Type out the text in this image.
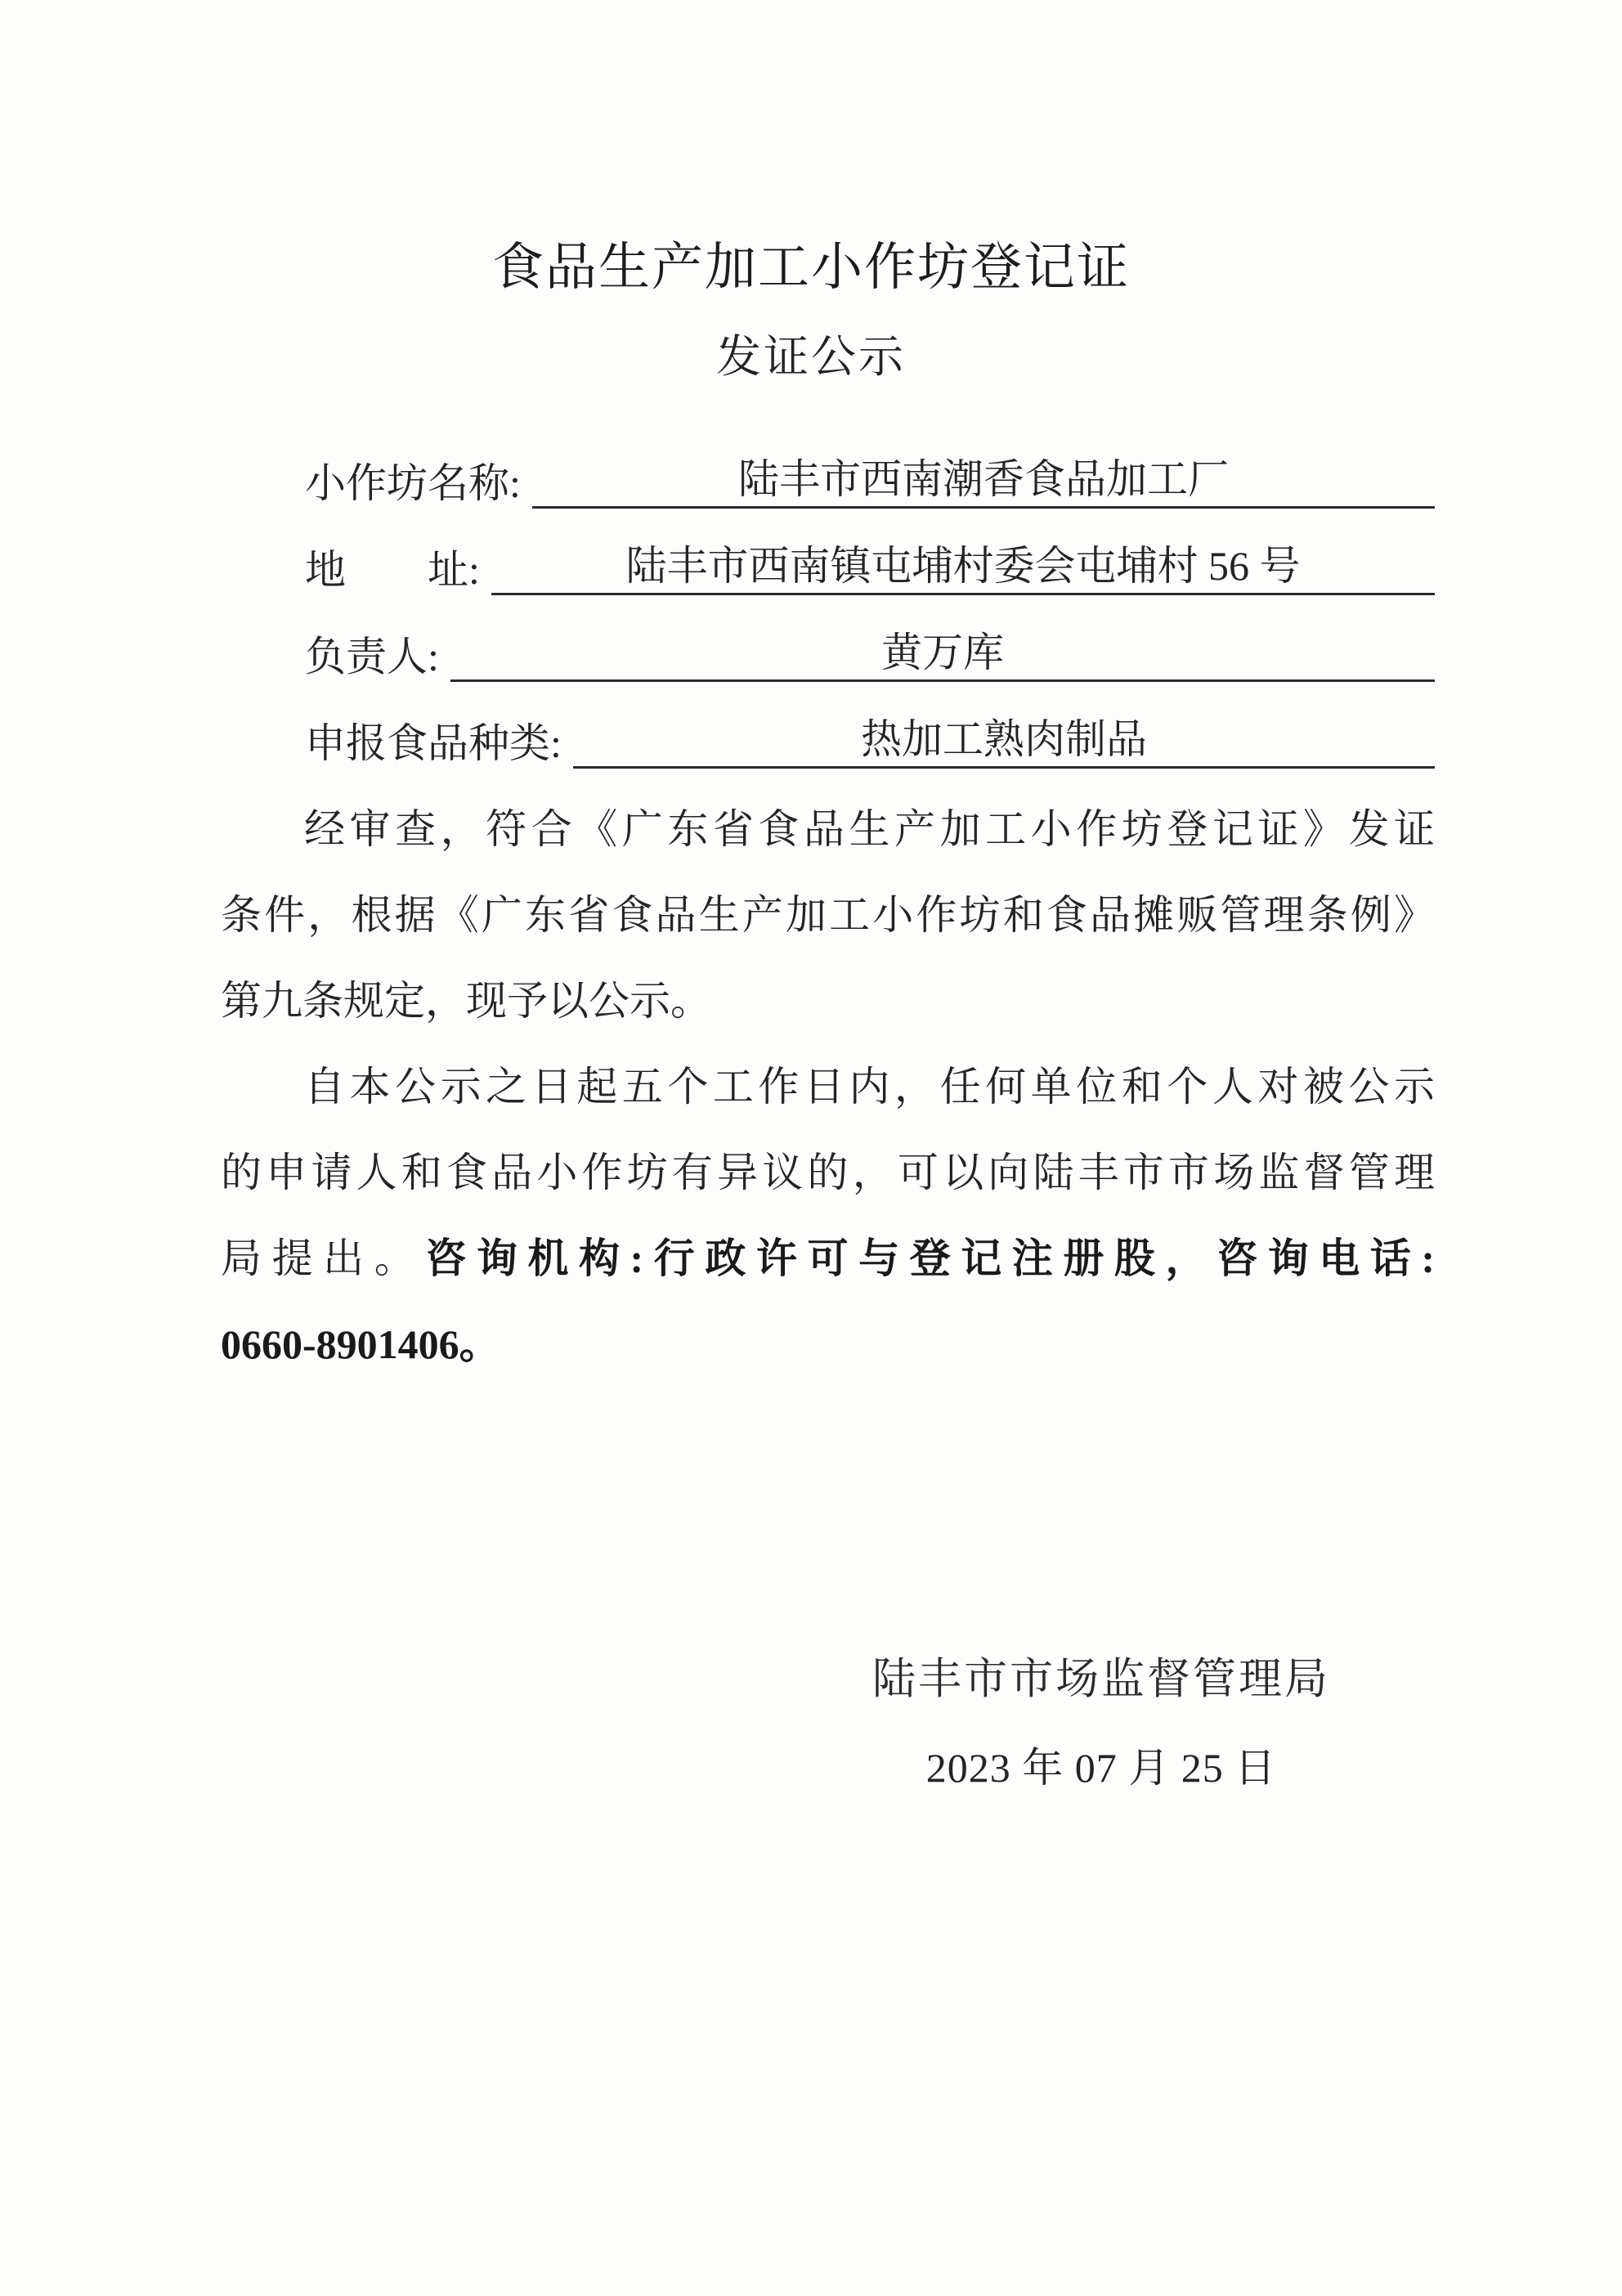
食品生产加工小作坊登记证
发证公示
小作坊名称:	陆丰市西南潮香食品加工厂
地　　址:	陆丰市西南镇屯埔村委会屯埔村 56 号
负责人:	黄万库
申报食品种类:	热加工熟肉制品
经审查，符合《广东省食品生产加工小作坊登记证》发证
条件，根据《广东省食品生产加工小作坊和食品摊贩管理条例》
第九条规定，现予以公示。
自本公示之日起五个工作日内，任何单位和个人对被公示
的申请人和食品小作坊有异议的，可以向陆丰市市场监督管理
局提出。咨询机构:行政许可与登记注册股，咨询电话:
0660-8901406。
陆丰市市场监督管理局
2023 年 07 月 25 日
